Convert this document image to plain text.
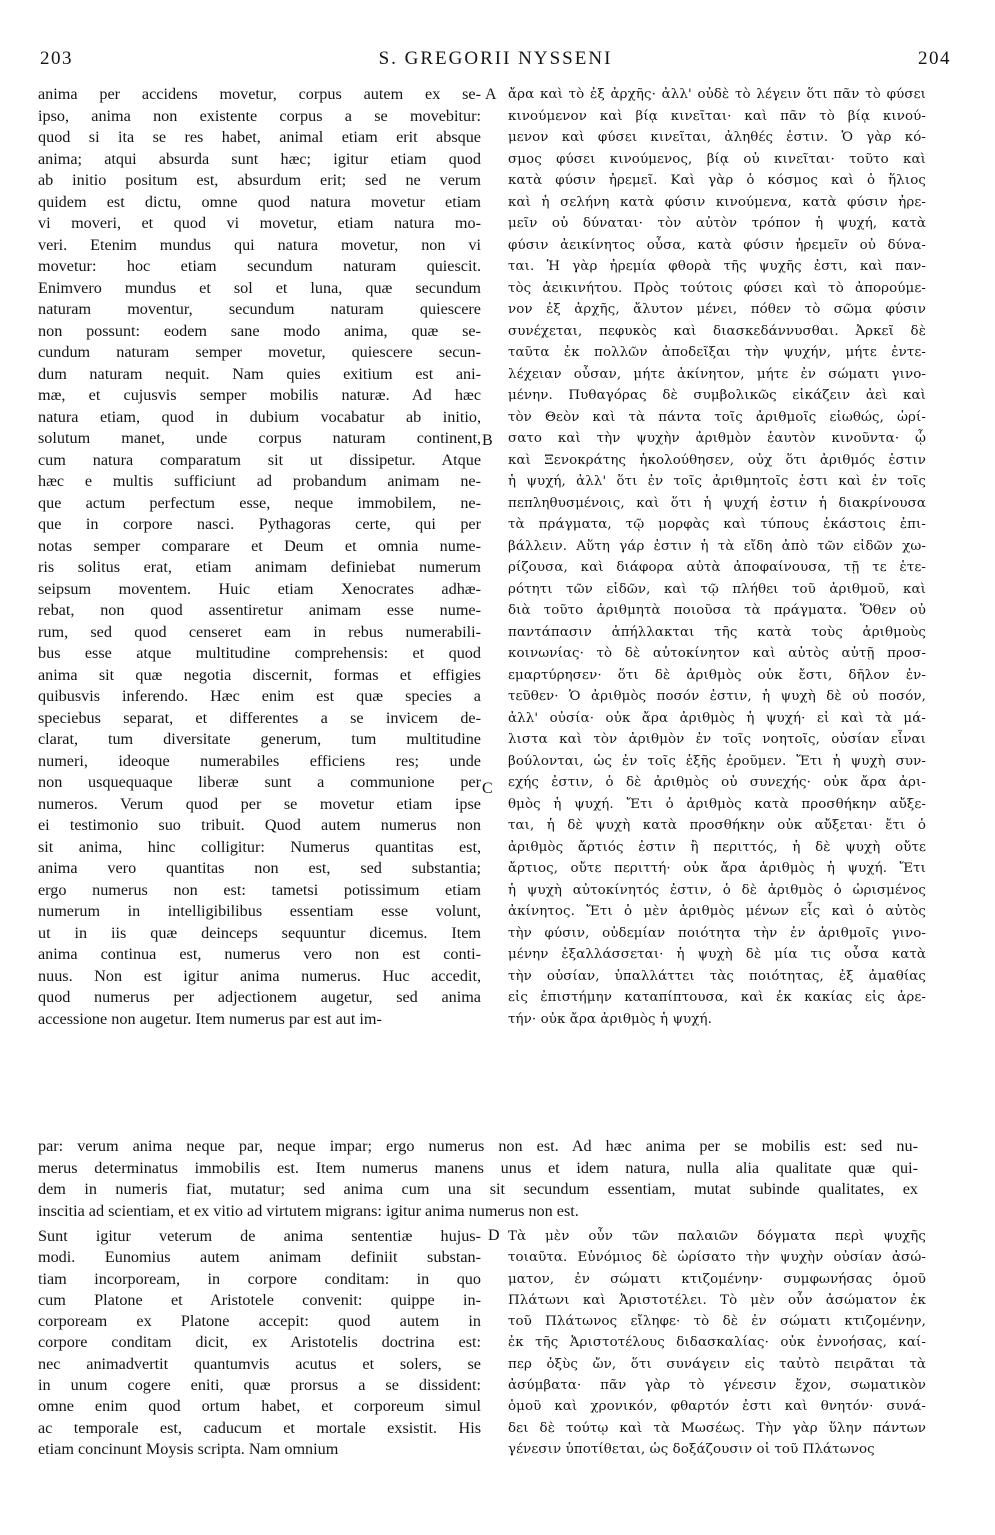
203	S. GREGORII NYSSENI	204
A
B
C
D
anima per accidens movetur, corpus autem ex se-
ipso, anima non existente corpus a se movebitur:
quod si ita se res habet, animal etiam erit absque
anima; atqui absurda sunt hæc; igitur etiam quod
ab initio positum est, absurdum erit; sed ne verum
quidem est dictu, omne quod natura movetur etiam
vi moveri, et quod vi movetur, etiam natura mo-
veri. Etenim mundus qui natura movetur, non vi
movetur: hoc etiam secundum naturam quiescit.
Enimvero mundus et sol et luna, quæ secundum
naturam moventur, secundum naturam quiescere
non possunt: eodem sane modo anima, quæ se-
cundum naturam semper movetur, quiescere secun-
dum naturam nequit. Nam quies exitium est ani-
mæ, et cujusvis semper mobilis naturæ. Ad hæc
natura etiam, quod in dubium vocabatur ab initio,
solutum manet, unde corpus naturam continent,
cum natura comparatum sit ut dissipetur. Atque
hæc e multis sufficiunt ad probandum animam ne-
que actum perfectum esse, neque immobilem, ne-
que in corpore nasci. Pythagoras certe, qui per
notas semper comparare et Deum et omnia nume-
ris solitus erat, etiam animam definiebat numerum
seipsum moventem. Huic etiam Xenocrates adhæ-
rebat, non quod assentiretur animam esse nume-
rum, sed quod censeret eam in rebus numerabili-
bus esse atque multitudine comprehensis: et quod
anima sit quæ negotia discernit, formas et effigies
quibusvis inferendo. Hæc enim est quæ species a
speciebus separat, et differentes a se invicem de-
clarat, tum diversitate generum, tum multitudine
numeri, ideoque numerabiles efficiens res; unde
non usquequaque liberæ sunt a communione per
numeros. Verum quod per se movetur etiam ipse
ei testimonio suo tribuit. Quod autem numerus non
sit anima, hinc colligitur: Numerus quantitas est,
anima vero quantitas non est, sed substantia;
ergo numerus non est: tametsi potissimum etiam
numerum in intelligibilibus essentiam esse volunt,
ut in iis quæ deinceps sequuntur dicemus. Item
anima continua est, numerus vero non est conti-
nuus. Non est igitur anima numerus. Huc accedit,
quod numerus per adjectionem augetur, sed anima
accessione non augetur. Item numerus par est aut im-
ἄρα καὶ τὸ ἐξ ἀρχῆς· ἀλλ' οὐδὲ τὸ λέγειν ὅτι πᾶν τὸ φύσει
κινούμενον καὶ βίᾳ κινεῖται· καὶ πᾶν τὸ βίᾳ κινού-
μενον καὶ φύσει κινεῖται, ἀληθές ἐστιν. Ὁ γὰρ κό-
σμος φύσει κινούμενος, βίᾳ οὐ κινεῖται· τοῦτο καὶ
κατὰ φύσιν ἠρεμεῖ. Καὶ γὰρ ὁ κόσμος καὶ ὁ ἥλιος
καὶ ἡ σελήνη κατὰ φύσιν κινούμενα, κατὰ φύσιν ἠρε-
μεῖν οὐ δύναται· τὸν αὐτὸν τρόπον ἡ ψυχή, κατὰ
φύσιν ἀεικίνητος οὖσα, κατὰ φύσιν ἠρεμεῖν οὐ δύνα-
ται. Ἡ γὰρ ἠρεμία φθορὰ τῆς ψυχῆς ἐστι, καὶ παν-
τὸς ἀεικινήτου. Πρὸς τούτοις φύσει καὶ τὸ ἀπορούμε-
νον ἐξ ἀρχῆς, ἄλυτον μένει, πόθεν τὸ σῶμα φύσιν
συνέχεται, πεφυκὸς καὶ διασκεδάννυσθαι. Ἀρκεῖ δὲ
ταῦτα ἐκ πολλῶν ἀποδεῖξαι τὴν ψυχήν, μήτε ἐντε-
λέχειαν οὖσαν, μήτε ἀκίνητον, μήτε ἐν σώματι γινο-
μένην. Πυθαγόρας δὲ συμβολικῶς εἰκάζειν ἀεὶ καὶ
τὸν Θεὸν καὶ τὰ πάντα τοῖς ἀριθμοῖς εἰωθώς, ὡρί-
σατο καὶ τὴν ψυχὴν ἀριθμὸν ἑαυτὸν κινοῦντα· ᾧ
καὶ Ξενοκράτης ἠκολούθησεν, οὐχ ὅτι ἀριθμός ἐστιν
ἡ ψυχή, ἀλλ' ὅτι ἐν τοῖς ἀριθμητοῖς ἐστι καὶ ἐν τοῖς
πεπληθυσμένοις, καὶ ὅτι ἡ ψυχή ἐστιν ἡ διακρίνουσα
τὰ πράγματα, τῷ μορφὰς καὶ τύπους ἑκάστοις ἐπι-
βάλλειν. Αὕτη γάρ ἐστιν ἡ τὰ εἴδη ἀπὸ τῶν εἰδῶν χω-
ρίζουσα, καὶ διάφορα αὐτὰ ἀποφαίνουσα, τῇ τε ἑτε-
ρότητι τῶν εἰδῶν, καὶ τῷ πλήθει τοῦ ἀριθμοῦ, καὶ
διὰ τοῦτο ἀριθμητὰ ποιοῦσα τὰ πράγματα. Ὅθεν οὐ
παντάπασιν ἀπήλλακται τῆς κατὰ τοὺς ἀριθμοὺς
κοινωνίας· τὸ δὲ αὐτοκίνητον καὶ αὐτὸς αὐτῇ προσ-
εμαρτύρησεν· ὅτι δὲ ἀριθμὸς οὐκ ἔστι, δῆλον ἐν-
τεῦθεν· Ὁ ἀριθμὸς ποσόν ἐστιν, ἡ ψυχὴ δὲ οὐ ποσόν,
ἀλλ' οὐσία· οὐκ ἄρα ἀριθμὸς ἡ ψυχή· εἰ καὶ τὰ μά-
λιστα καὶ τὸν ἀριθμὸν ἐν τοῖς νοητοῖς, οὐσίαν εἶναι
βούλονται, ὡς ἐν τοῖς ἑξῆς ἐροῦμεν. Ἔτι ἡ ψυχὴ συν-
εχής ἐστιν, ὁ δὲ ἀριθμὸς οὐ συνεχής· οὐκ ἄρα ἀρι-
θμὸς ἡ ψυχή. Ἔτι ὁ ἀριθμὸς κατὰ προσθήκην αὔξε-
ται, ἡ δὲ ψυχὴ κατὰ προσθήκην οὐκ αὔξεται· ἔτι ὁ
ἀριθμὸς ἄρτιός ἐστιν ἢ περιττός, ἡ δὲ ψυχὴ οὔτε
ἄρτιος, οὔτε περιττή· οὐκ ἄρα ἀριθμὸς ἡ ψυχή. Ἔτι
ἡ ψυχὴ αὐτοκίνητός ἐστιν, ὁ δὲ ἀριθμὸς ὁ ὡρισμένος
ἀκίνητος. Ἔτι ὁ μὲν ἀριθμὸς μένων εἷς καὶ ὁ αὐτὸς
τὴν φύσιν, οὐδεμίαν ποιότητα τὴν ἐν ἀριθμοῖς γινο-
μένην ἐξαλλάσσεται· ἡ ψυχὴ δὲ μία τις οὖσα κατὰ
τὴν οὐσίαν, ὑπαλλάττει τὰς ποιότητας, ἐξ ἀμαθίας
εἰς ἐπιστήμην καταπίπτουσα, καὶ ἐκ κακίας εἰς ἀρε-
τήν· οὐκ ἄρα ἀριθμὸς ἡ ψυχή.
par: verum anima neque par, neque impar; ergo numerus non est. Ad hæc anima per se mobilis est: sed nu-
merus determinatus immobilis est. Item numerus manens unus et idem natura, nulla alia qualitate quæ qui-
dem in numeris fiat, mutatur; sed anima cum una sit secundum essentiam, mutat subinde qualitates, ex
inscitia ad scientiam, et ex vitio ad virtutem migrans: igitur anima numerus non est.
Sunt igitur veterum de anima sententiæ hujus-
modi. Eunomius autem animam definiit substan-
tiam incorpoream, in corpore conditam: in quo
cum Platone et Aristotele convenit: quippe in-
corpoream ex Platone accepit: quod autem in
corpore conditam dicit, ex Aristotelis doctrina est:
nec animadvertit quantumvis acutus et solers, se
in unum cogere eniti, quæ prorsus a se dissident:
omne enim quod ortum habet, et corporeum simul
ac temporale est, caducum et mortale exsistit. His
etiam concinunt Moysis scripta. Nam omnium
Τὰ μὲν οὖν τῶν παλαιῶν δόγματα περὶ ψυχῆς
τοιαῦτα. Εὐνόμιος δὲ ὡρίσατο τὴν ψυχὴν οὐσίαν ἀσώ-
ματον, ἐν σώματι κτιζομένην· συμφωνήσας ὁμοῦ
Πλάτωνι καὶ Ἀριστοτέλει. Τὸ μὲν οὖν ἀσώματον ἐκ
τοῦ Πλάτωνος εἴληφε· τὸ δὲ ἐν σώματι κτιζομένην,
ἐκ τῆς Ἀριστοτέλους διδασκαλίας· οὐκ ἐννοήσας, καί-
περ ὀξὺς ὤν, ὅτι συνάγειν εἰς ταὐτὸ πειρᾶται τὰ
ἀσύμβατα· πᾶν γὰρ τὸ γένεσιν ἔχον, σωματικὸν
ὁμοῦ καὶ χρονικόν, φθαρτόν ἐστι καὶ θνητόν· συνά-
δει δὲ τούτῳ καὶ τὰ Μωσέως. Τὴν γὰρ ὕλην πάντων
γένεσιν ὑποτίθεται, ὡς δοξάζουσιν οἱ τοῦ Πλάτωνος
